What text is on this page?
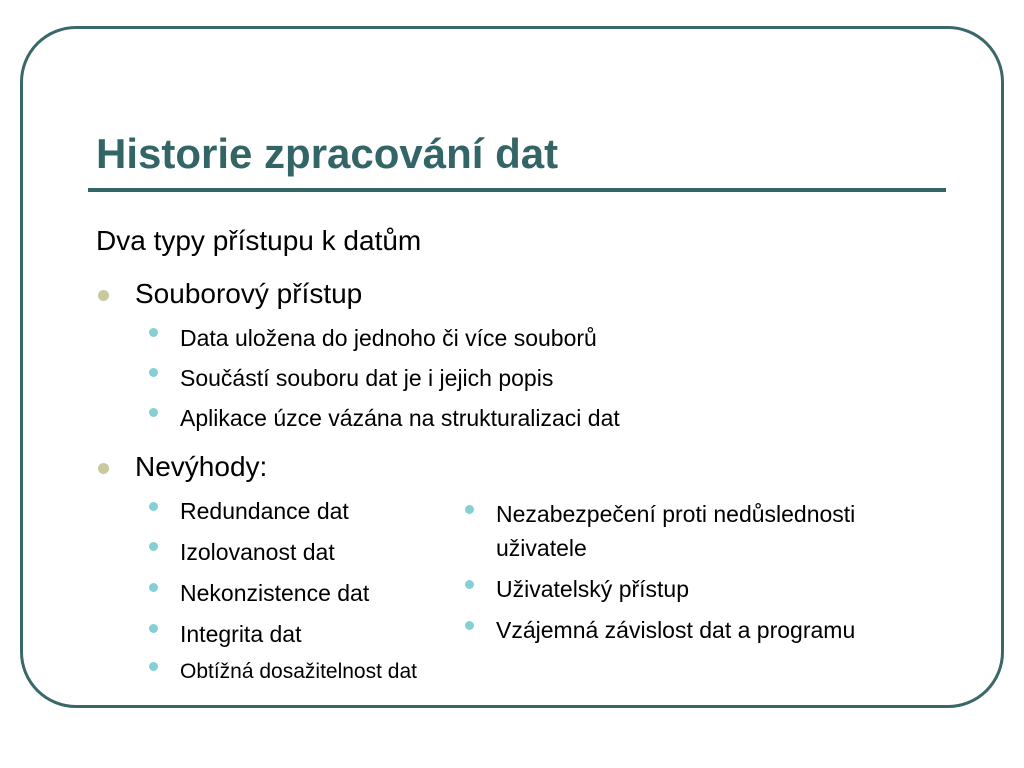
Historie zpracování dat
Dva typy přístupu k datům
Souborový přístup
Data uložena do jednoho či více souborů
Součástí souboru dat je i jejich popis
Aplikace úzce vázána na strukturalizaci dat
Nevýhody:
Redundance dat
Izolovanost dat
Nekonzistence dat
Integrita dat
Obtížná dosažitelnost dat
Nezabezpečení proti nedůslednosti
uživatele
Uživatelský přístup
Vzájemná závislost dat a programu
